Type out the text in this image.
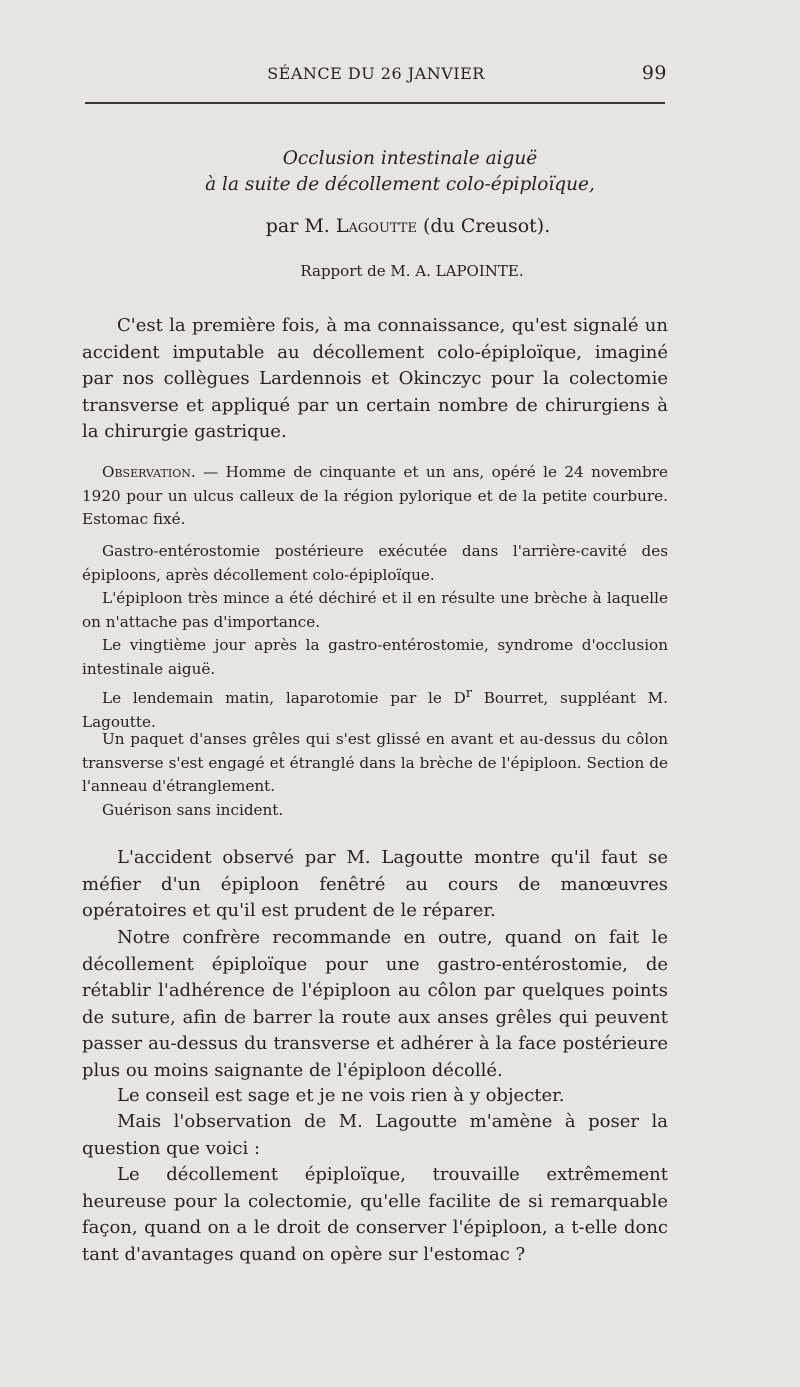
SÉANCE DU 26 JANVIER	99
Occlusion intestinale aiguë
à la suite de décollement colo-épiploïque,
par M. Lagoutte (du Creusot).
Rapport de M. A. LAPOINTE.

C'est la première fois, à ma connaissance, qu'est signalé un accident imputable au décollement colo-épiploïque, imaginé par nos collègues Lardennois et Okinczyc pour la colectomie transverse et appliqué par un certain nombre de chirurgiens à la chirurgie gastrique.

Observation. — Homme de cinquante et un ans, opéré le 24 novembre 1920 pour un ulcus calleux de la région pylorique et de la petite courbure. Estomac fixé.

Gastro-entérostomie postérieure exécutée dans l'arrière-cavité des épiploons, après décollement colo-épiploïque.

L'épiploon très mince a été déchiré et il en résulte une brèche à laquelle on n'attache pas d'importance.

Le vingtième jour après la gastro-entérostomie, syndrome d'occlusion intestinale aiguë.

Le lendemain matin, laparotomie par le $D^r$ Bourret, suppléant M. Lagoutte.

Un paquet d'anses grêles qui s'est glissé en avant et au-dessus du côlon transverse s'est engagé et étranglé dans la brèche de l'épiploon. Section de l'anneau d'étranglement.

Guérison sans incident.

L'accident observé par M. Lagoutte montre qu'il faut se méfier d'un épiploon fenêtré au cours de manœuvres opératoires et qu'il est prudent de le réparer.

Notre confrère recommande en outre, quand on fait le décollement épiploïque pour une gastro-entérostomie, de rétablir l'adhérence de l'épiploon au côlon par quelques points de suture, afin de barrer la route aux anses grêles qui peuvent passer au-dessus du transverse et adhérer à la face postérieure plus ou moins saignante de l'épiploon décollé.

Le conseil est sage et je ne vois rien à y objecter.

Mais l'observation de M. Lagoutte m'amène à poser la question que voici :

Le décollement épiploïque, trouvaille extrêmement heureuse pour la colectomie, qu'elle facilite de si remarquable façon, quand on a le droit de conserver l'épiploon, a t-elle donc tant d'avantages quand on opère sur l'estomac ?
